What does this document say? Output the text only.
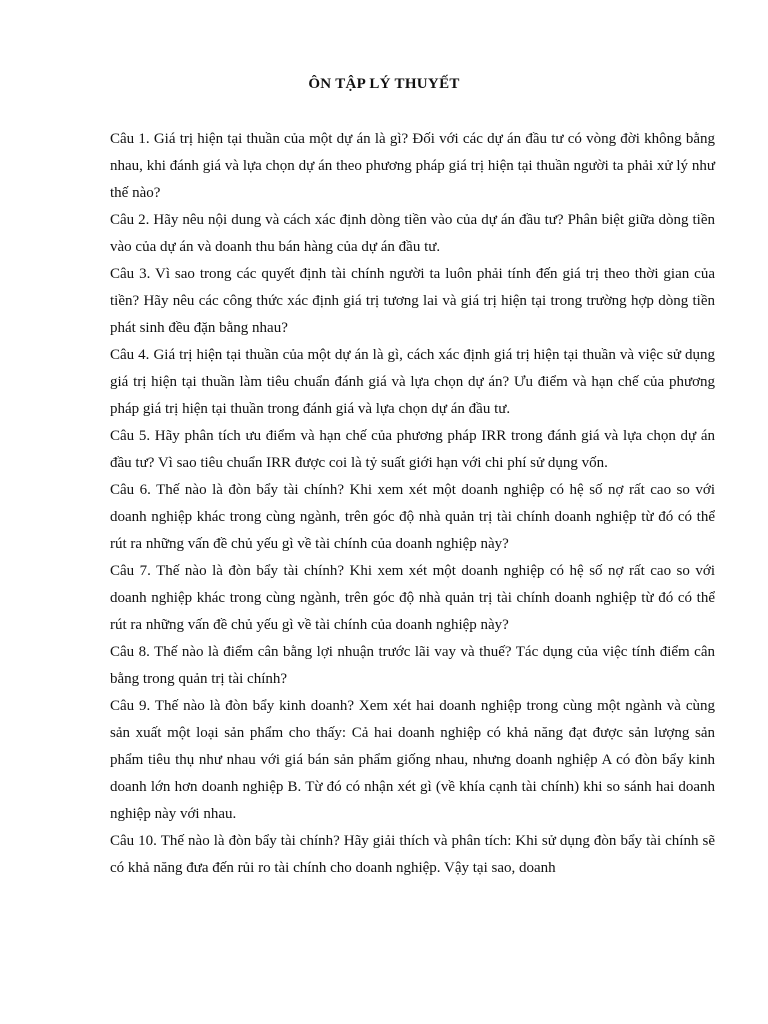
ÔN TẬP LÝ THUYẾT
Câu 1. Giá trị hiện tại thuần của một dự án là gì? Đối với các dự án đầu tư có vòng đời không bằng nhau, khi đánh giá và lựa chọn dự án theo phương pháp giá trị hiện tại thuần người ta phải xử lý như thế nào?
Câu 2. Hãy nêu nội dung và cách xác định dòng tiền vào của dự án đầu tư? Phân biệt giữa dòng tiền vào của dự án và doanh thu bán hàng của dự án đầu tư.
Câu 3. Vì sao trong các quyết định tài chính người ta luôn phải tính đến giá trị theo thời gian của tiền? Hãy nêu các công thức xác định giá trị tương lai và giá trị hiện tại trong trường hợp dòng tiền phát sinh đều đặn bằng nhau?
Câu 4. Giá trị hiện tại thuần của một dự án là gì, cách xác định giá trị hiện tại thuần và việc sử dụng giá trị hiện tại thuần làm tiêu chuẩn đánh giá và lựa chọn dự án? Ưu điểm và hạn chế của phương pháp giá trị hiện tại thuần trong đánh giá và lựa chọn dự án đầu tư.
Câu 5. Hãy phân tích ưu điểm và hạn chế của phương pháp IRR trong đánh giá và lựa chọn dự án đầu tư? Vì sao tiêu chuẩn IRR được coi là tỷ suất giới hạn với chi phí sử dụng vốn.
Câu 6. Thế nào là đòn bẩy tài chính? Khi xem xét một doanh nghiệp có hệ số nợ rất cao so với doanh nghiệp khác trong cùng ngành, trên góc độ nhà quản trị tài chính doanh nghiệp từ đó có thể rút ra những vấn đề chủ yếu gì về tài chính của doanh nghiệp này?
Câu 7. Thế nào là đòn bẩy tài chính? Khi xem xét một doanh nghiệp có hệ số nợ rất cao so với doanh nghiệp khác trong cùng ngành, trên góc độ nhà quản trị tài chính doanh nghiệp từ đó có thể rút ra những vấn đề chủ yếu gì về tài chính của doanh nghiệp này?
Câu 8. Thế nào là điểm cân bằng lợi nhuận trước lãi vay và thuế? Tác dụng của việc tính điểm cân bằng trong quản trị tài chính?
Câu 9. Thế nào là đòn bẩy kinh doanh? Xem xét hai doanh nghiệp trong cùng một ngành và cùng sản xuất một loại sản phẩm cho thấy: Cả hai doanh nghiệp có khả năng đạt được sản lượng sản phẩm tiêu thụ như nhau với giá bán sản phẩm giống nhau, nhưng doanh nghiệp A có đòn bẩy kinh doanh lớn hơn doanh nghiệp B. Từ đó có nhận xét gì (về khía cạnh tài chính) khi so sánh hai doanh nghiệp này với nhau.
Câu 10. Thế nào là đòn bẩy tài chính? Hãy giải thích và phân tích: Khi sử dụng đòn bẩy tài chính sẽ có khả năng đưa đến rủi ro tài chính cho doanh nghiệp. Vậy tại sao, doanh
